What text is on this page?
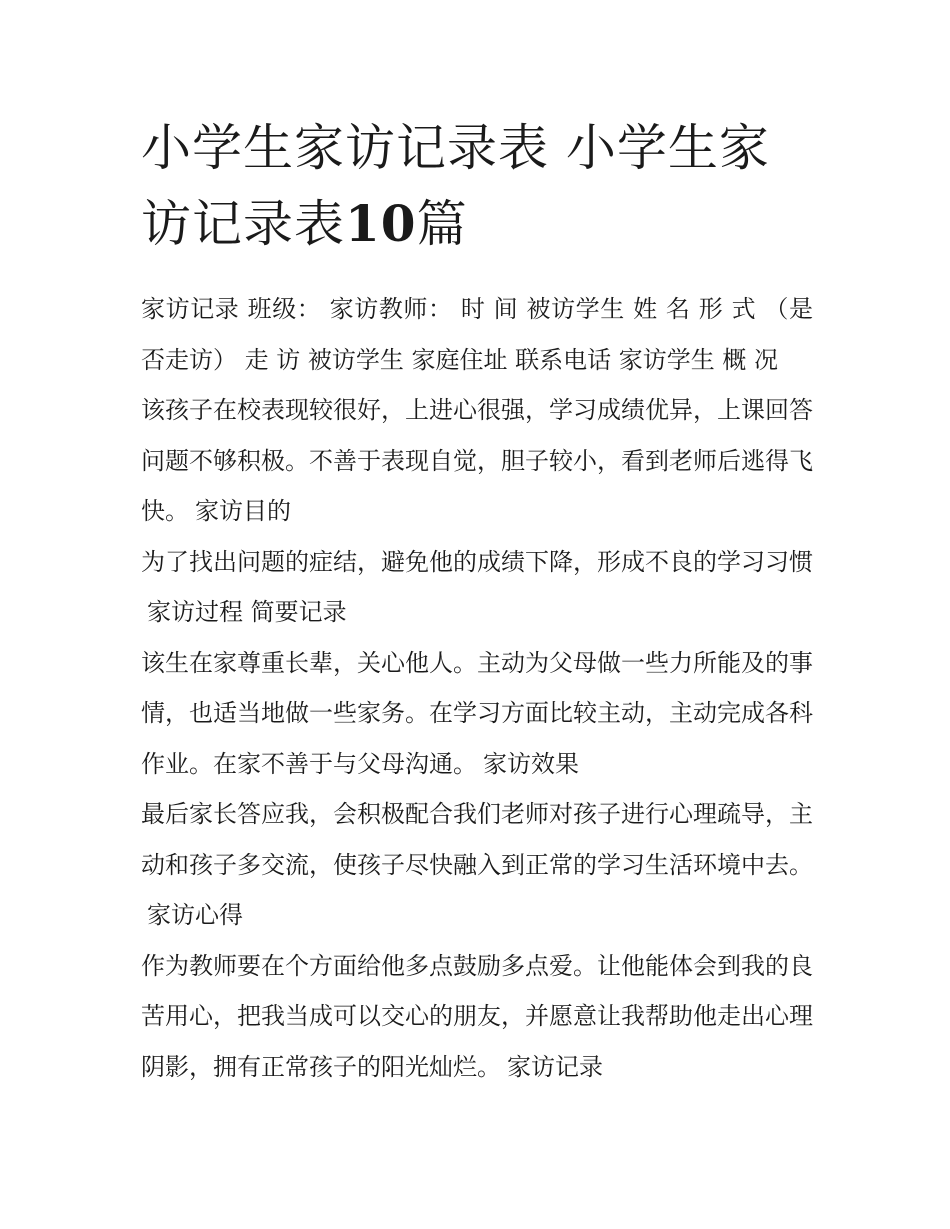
小学生家访记录表 小学生家访记录表10篇

家访记录 班级： 家访教师： 时 间 被访学生 姓 名 形 式 （是否走访） 走 访 被访学生 家庭住址 联系电话 家访学生 概 况

该孩子在校表现较很好，上进心很强，学习成绩优异，上课回答问题不够积极。不善于表现自觉，胆子较小，看到老师后逃得飞快。 家访目的

为了找出问题的症结，避免他的成绩下降，形成不良的学习习惯家访过程 简要记录

该生在家尊重长辈，关心他人。主动为父母做一些力所能及的事情，也适当地做一些家务。在学习方面比较主动，主动完成各科作业。在家不善于与父母沟通。 家访效果

最后家长答应我，会积极配合我们老师对孩子进行心理疏导，主动和孩子多交流，使孩子尽快融入到正常的学习生活环境中去。家访心得

作为教师要在个方面给他多点鼓励多点爱。让他能体会到我的良苦用心，把我当成可以交心的朋友，并愿意让我帮助他走出心理阴影，拥有正常孩子的阳光灿烂。 家访记录
